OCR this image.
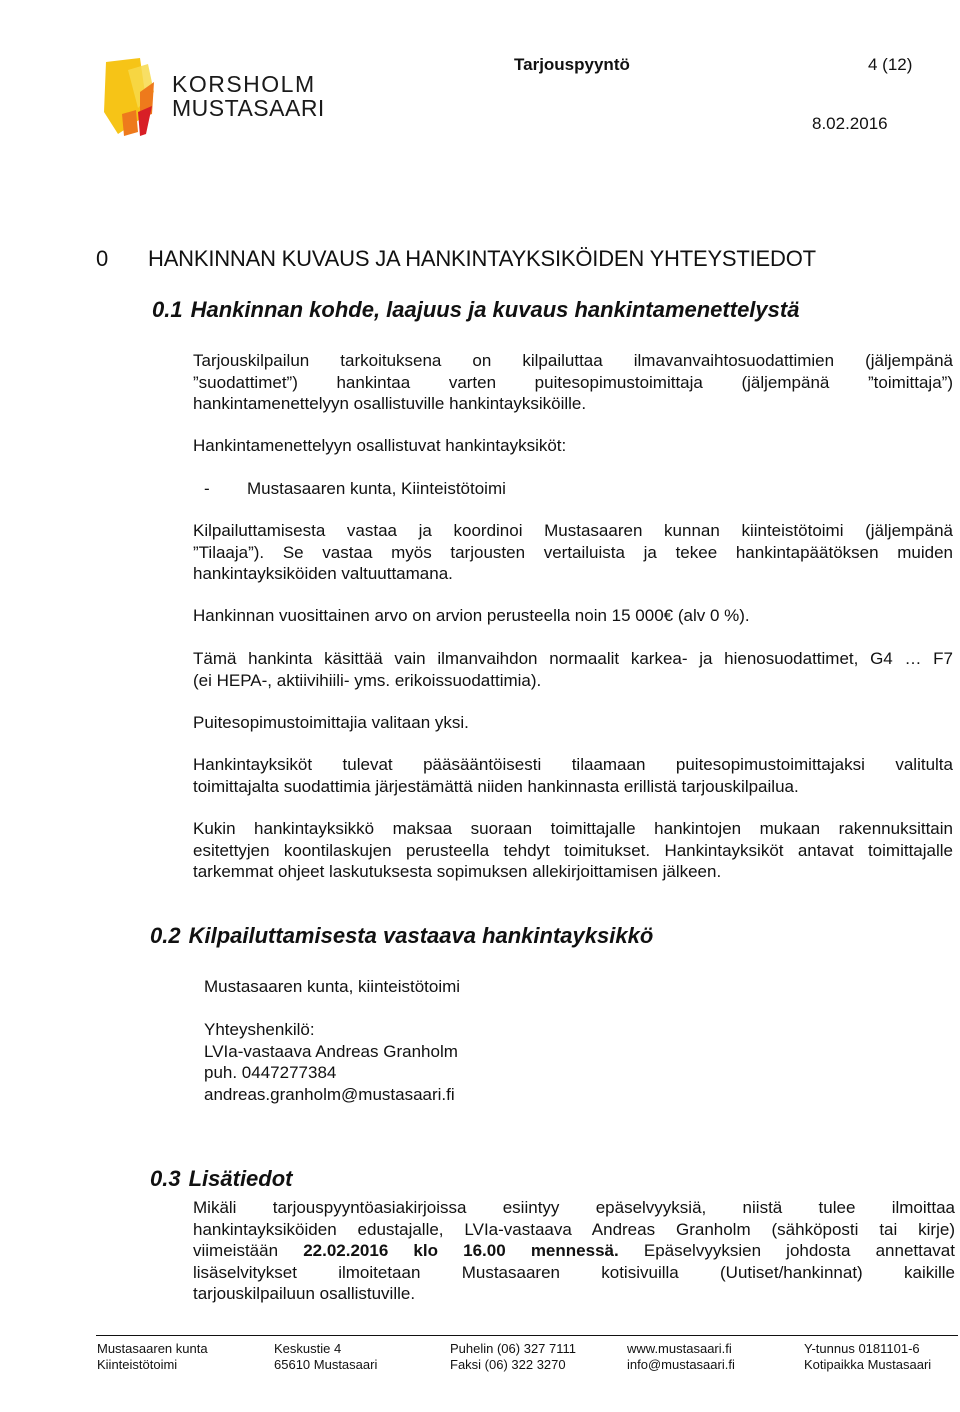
KORSHOLM
MUSTASAARI
Tarjouspyyntö	4 (12)
8.02.2016
0 HANKINNAN KUVAUS JA HANKINTAYKSIKÖIDEN YHTEYSTIEDOT
0.1 Hankinnan kohde, laajuus ja kuvaus hankintamenettelystä
Tarjouskilpailun tarkoituksena on kilpailuttaa ilmavanvaihtosuodattimien (jäljempänä
”suodattimet”) hankintaa varten puitesopimustoimittaja (jäljempänä ”toimittaja”)
hankintamenettelyyn osallistuville hankintayksiköille.
Hankintamenettelyyn osallistuvat hankintayksiköt:
- Mustasaaren kunta, Kiinteistötoimi
Kilpailuttamisesta vastaa ja koordinoi Mustasaaren kunnan kiinteistötoimi (jäljempänä
”Tilaaja”). Se vastaa myös tarjousten vertailuista ja tekee hankintapäätöksen muiden
hankintayksiköiden valtuuttamana.
Hankinnan vuosittainen arvo on arvion perusteella noin 15 000€ (alv 0 %).
Tämä hankinta käsittää vain ilmanvaihdon normaalit karkea- ja hienosuodattimet, G4 … F7
(ei HEPA-, aktiivihiili- yms. erikoissuodattimia).
Puitesopimustoimittajia valitaan yksi.
Hankintayksiköt tulevat pääsääntöisesti tilaamaan puitesopimustoimittajaksi valitulta
toimittajalta suodattimia järjestämättä niiden hankinnasta erillistä tarjouskilpailua.
Kukin hankintayksikkö maksaa suoraan toimittajalle hankintojen mukaan rakennuksittain
esitettyjen koontilaskujen perusteella tehdyt toimitukset. Hankintayksiköt antavat toimittajalle
tarkemmat ohjeet laskutuksesta sopimuksen allekirjoittamisen jälkeen.
0.2 Kilpailuttamisesta vastaava hankintayksikkö
Mustasaaren kunta, kiinteistötoimi
Yhteyshenkilö:
LVIa-vastaava Andreas Granholm
puh. 0447277384
andreas.granholm@mustasaari.fi
0.3 Lisätiedot
Mikäli tarjouspyyntöasiakirjoissa esiintyy epäselvyyksiä, niistä tulee ilmoittaa
hankintayksiköiden edustajalle, LVIa-vastaava Andreas Granholm (sähköposti tai kirje)
viimeistään 22.02.2016 klo 16.00 mennessä. Epäselvyyksien johdosta annettavat
lisäselvitykset ilmoitetaan Mustasaaren kotisivuilla (Uutiset/hankinnat) kaikille
tarjouskilpailuun osallistuville.
Mustasaaren kunta
Kiinteistötoimi
Keskustie 4
65610 Mustasaari
Puhelin (06) 327 7111
Faksi (06) 322 3270
www.mustasaari.fi
info@mustasaari.fi
Y-tunnus 0181101-6
Kotipaikka Mustasaari
